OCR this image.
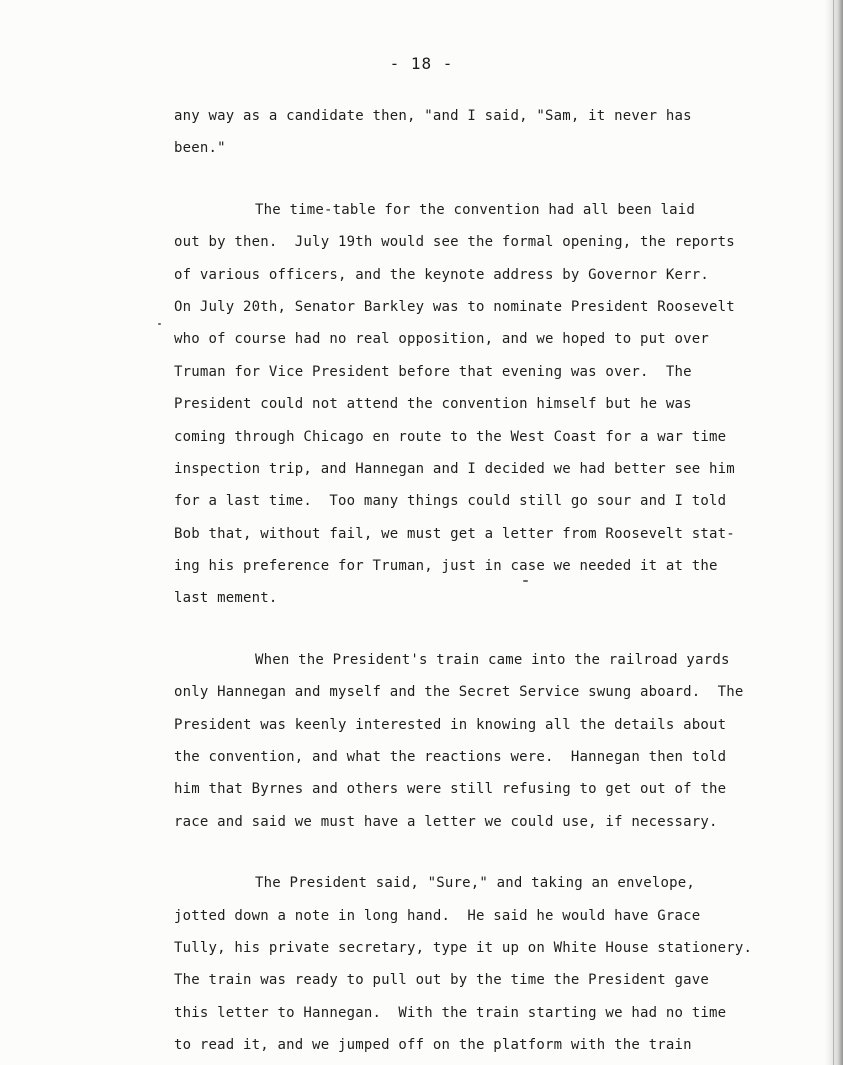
- 18 -

any way as a candidate then, "and I said, "Sam, it never has
been."

The time-table for the convention had all been laid
out by then.  July 19th would see the formal opening, the reports
of various officers, and the keynote address by Governor Kerr.
On July 20th, Senator Barkley was to nominate President Roosevelt
who of course had no real opposition, and we hoped to put over
Truman for Vice President before that evening was over.  The
President could not attend the convention himself but he was
coming through Chicago en route to the West Coast for a war time
inspection trip, and Hannegan and I decided we had better see him
for a last time.  Too many things could still go sour and I told
Bob that, without fail, we must get a letter from Roosevelt stat-
ing his preference for Truman, just in case we needed it at the
last mement.

When the President's train came into the railroad yards
only Hannegan and myself and the Secret Service swung aboard.  The
President was keenly interested in knowing all the details about
the convention, and what the reactions were.  Hannegan then told
him that Byrnes and others were still refusing to get out of the
race and said we must have a letter we could use, if necessary.

The President said, "Sure," and taking an envelope,
jotted down a note in long hand.  He said he would have Grace
Tully, his private secretary, type it up on White House stationery.
The train was ready to pull out by the time the President gave
this letter to Hannegan.  With the train starting we had no time
to read it, and we jumped off on the platform with the train
